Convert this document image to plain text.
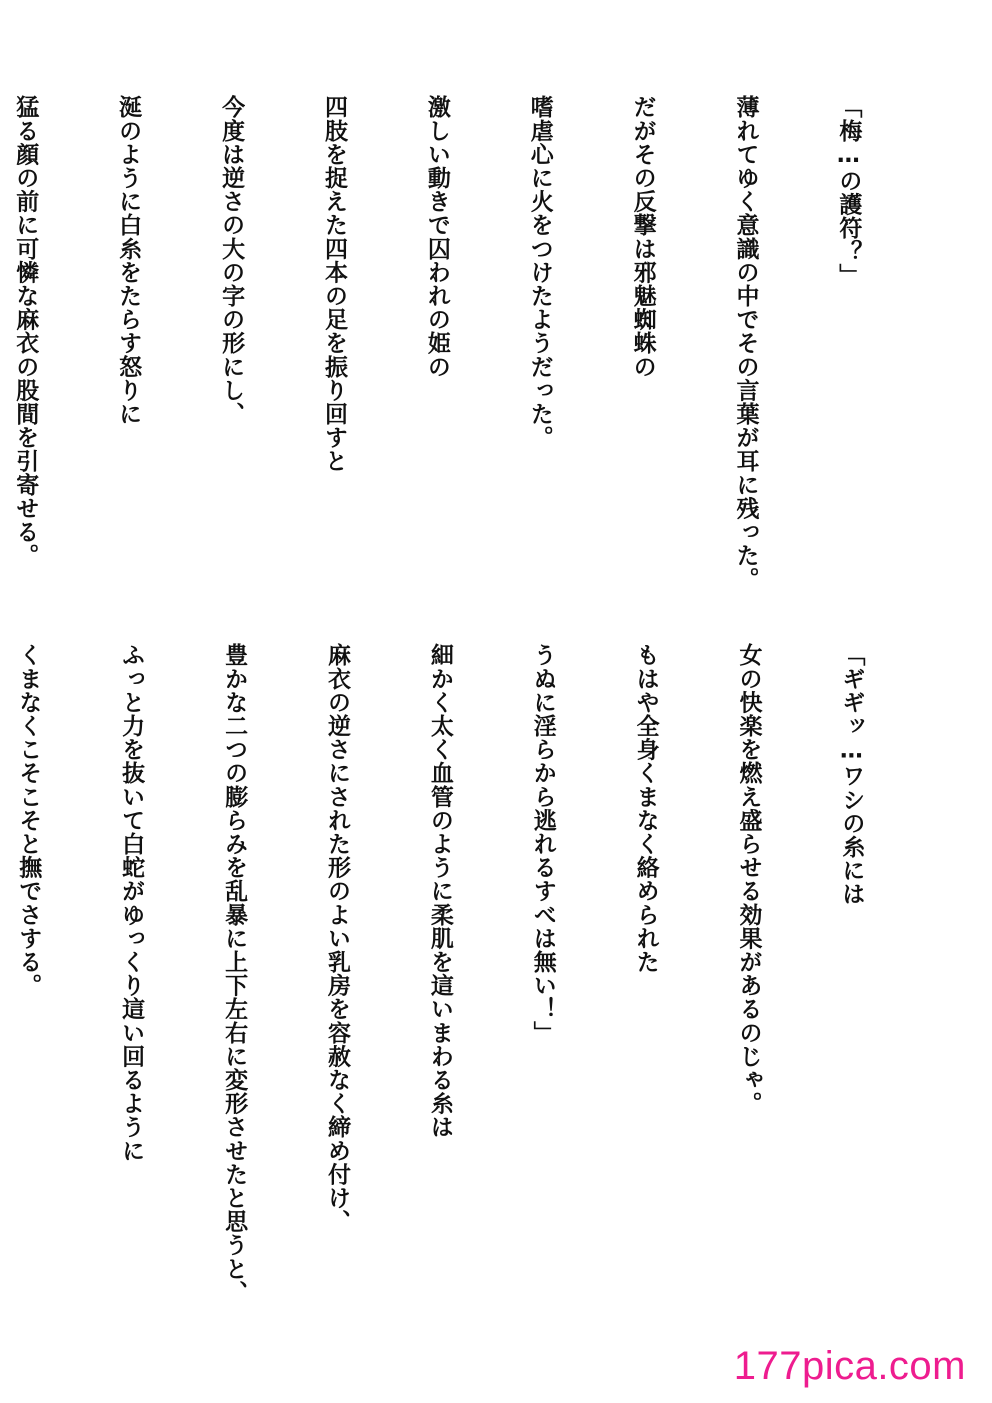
「梅…の護符？」

薄れてゆく意識の中でその言葉が耳に残った。

だがその反撃は邪魅蜘蛛の

嗜虐心に火をつけたようだった。

激しい動きで囚われの姫の

四肢を捉えた四本の足を振り回すと

今度は逆さの大の字の形にし、

涎のように白糸をたらす怒りに

猛る顔の前に可憐な麻衣の股間を引寄せる。

「ギギッ…ワシの糸には

女の快楽を燃え盛らせる効果があるのじゃ。

もはや全身くまなく絡められた

うぬに淫らから逃れるすべは無い！」

細かく太く血管のように柔肌を這いまわる糸は

麻衣の逆さにされた形のよい乳房を容赦なく締め付け、

豊かな二つの膨らみを乱暴に上下左右に変形させたと思うと、

ふっと力を抜いて白蛇がゆっくり這い回るように

くまなくこそこそと撫でさする。

177pica.com
